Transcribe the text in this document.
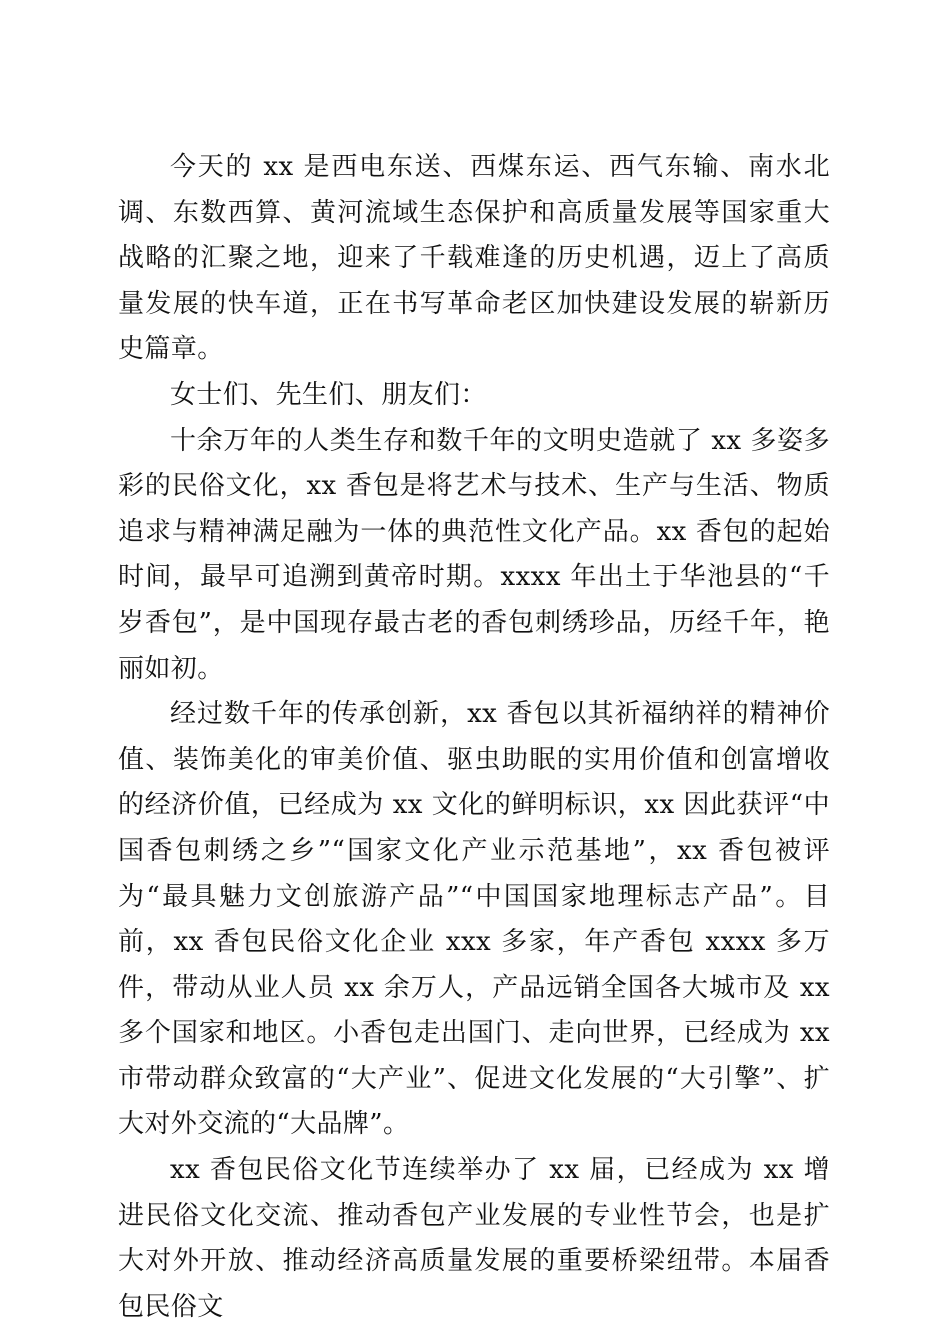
今天的 xx 是西电东送、西煤东运、西气东输、南水北调、东数西算、黄河流域生态保护和高质量发展等国家重大战略的汇聚之地，迎来了千载难逢的历史机遇，迈上了高质量发展的快车道，正在书写革命老区加快建设发展的崭新历史篇章。

女士们、先生们、朋友们：

十余万年的人类生存和数千年的文明史造就了 xx 多姿多彩的民俗文化，xx 香包是将艺术与技术、生产与生活、物质追求与精神满足融为一体的典范性文化产品。xx 香包的起始时间，最早可追溯到黄帝时期。xxxx 年出土于华池县的“千岁香包”，是中国现存最古老的香包刺绣珍品，历经千年，艳丽如初。

经过数千年的传承创新，xx 香包以其祈福纳祥的精神价值、装饰美化的审美价值、驱虫助眠的实用价值和创富增收的经济价值，已经成为 xx 文化的鲜明标识，xx 因此获评“中国香包刺绣之乡”“国家文化产业示范基地”，xx 香包被评为“最具魅力文创旅游产品”“中国国家地理标志产品”。目前，xx 香包民俗文化企业 xxx 多家，年产香包 xxxx 多万件，带动从业人员 xx 余万人，产品远销全国各大城市及 xx 多个国家和地区。小香包走出国门、走向世界，已经成为 xx 市带动群众致富的“大产业”、促进文化发展的“大引擎”、扩大对外交流的“大品牌”。

xx 香包民俗文化节连续举办了 xx 届，已经成为 xx 增进民俗文化交流、推动香包产业发展的专业性节会，也是扩大对外开放、推动经济高质量发展的重要桥梁纽带。本届香包民俗文
